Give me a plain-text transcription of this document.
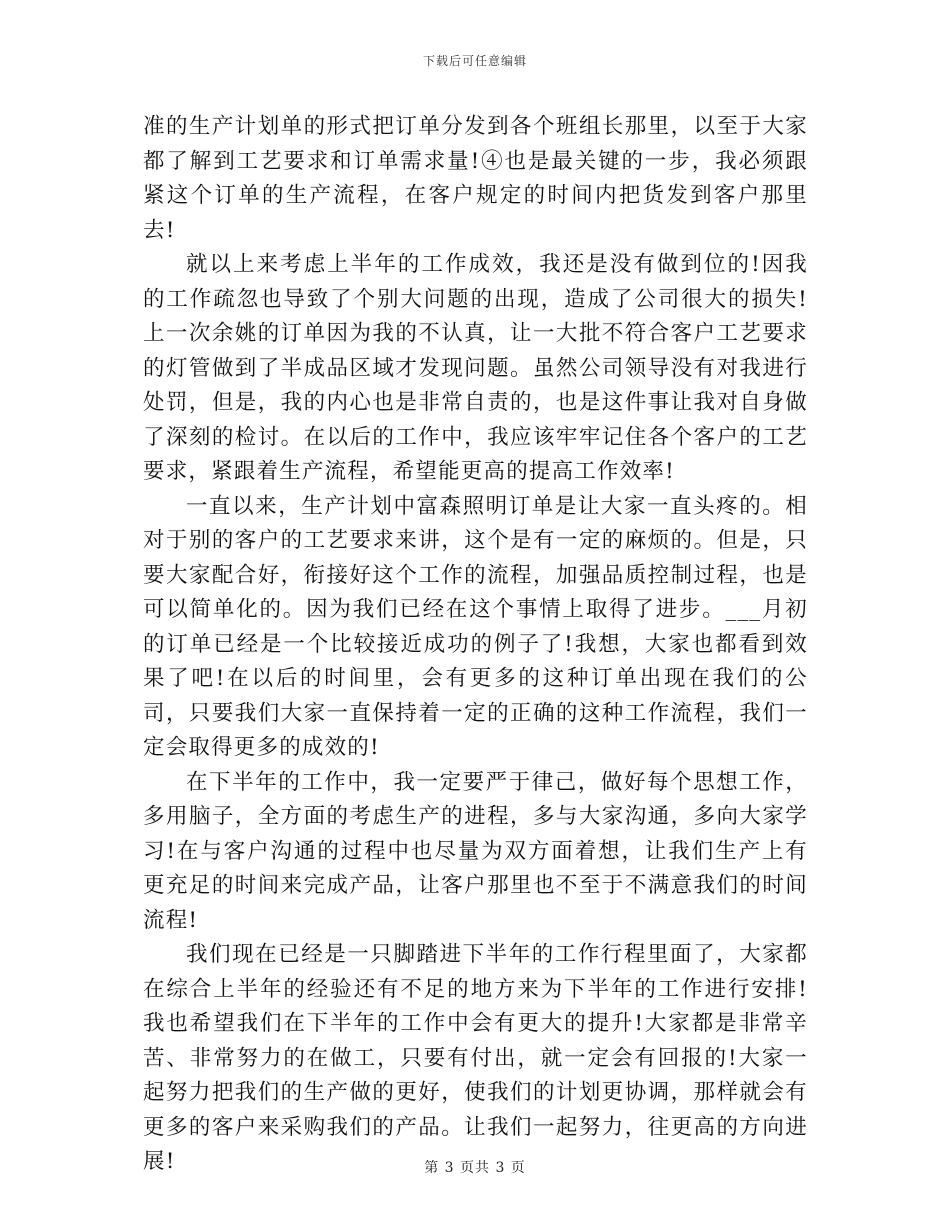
下载后可任意编辑

准的生产计划单的形式把订单分发到各个班组长那里，以至于大家都了解到工艺要求和订单需求量!④也是最关键的一步，我必须跟紧这个订单的生产流程，在客户规定的时间内把货发到客户那里去!

就以上来考虑上半年的工作成效，我还是没有做到位的!因我的工作疏忽也导致了个别大问题的出现，造成了公司很大的损失!上一次余姚的订单因为我的不认真，让一大批不符合客户工艺要求的灯管做到了半成品区域才发现问题。虽然公司领导没有对我进行处罚，但是，我的内心也是非常自责的，也是这件事让我对自身做了深刻的检讨。在以后的工作中，我应该牢牢记住各个客户的工艺要求，紧跟着生产流程，希望能更高的提高工作效率!

一直以来，生产计划中富森照明订单是让大家一直头疼的。相对于别的客户的工艺要求来讲，这个是有一定的麻烦的。但是，只要大家配合好，衔接好这个工作的流程，加强品质控制过程，也是可以简单化的。因为我们已经在这个事情上取得了进步。___月初的订单已经是一个比较接近成功的例子了!我想，大家也都看到效果了吧!在以后的时间里，会有更多的这种订单出现在我们的公司，只要我们大家一直保持着一定的正确的这种工作流程，我们一定会取得更多的成效的!

在下半年的工作中，我一定要严于律己，做好每个思想工作，多用脑子，全方面的考虑生产的进程，多与大家沟通，多向大家学习!在与客户沟通的过程中也尽量为双方面着想，让我们生产上有更充足的时间来完成产品，让客户那里也不至于不满意我们的时间流程!

我们现在已经是一只脚踏进下半年的工作行程里面了，大家都在综合上半年的经验还有不足的地方来为下半年的工作进行安排!我也希望我们在下半年的工作中会有更大的提升!大家都是非常辛苦、非常努力的在做工，只要有付出，就一定会有回报的!大家一起努力把我们的生产做的更好，使我们的计划更协调，那样就会有更多的客户来采购我们的产品。让我们一起努力，往更高的方向进展!	第 3 页共 3 页
